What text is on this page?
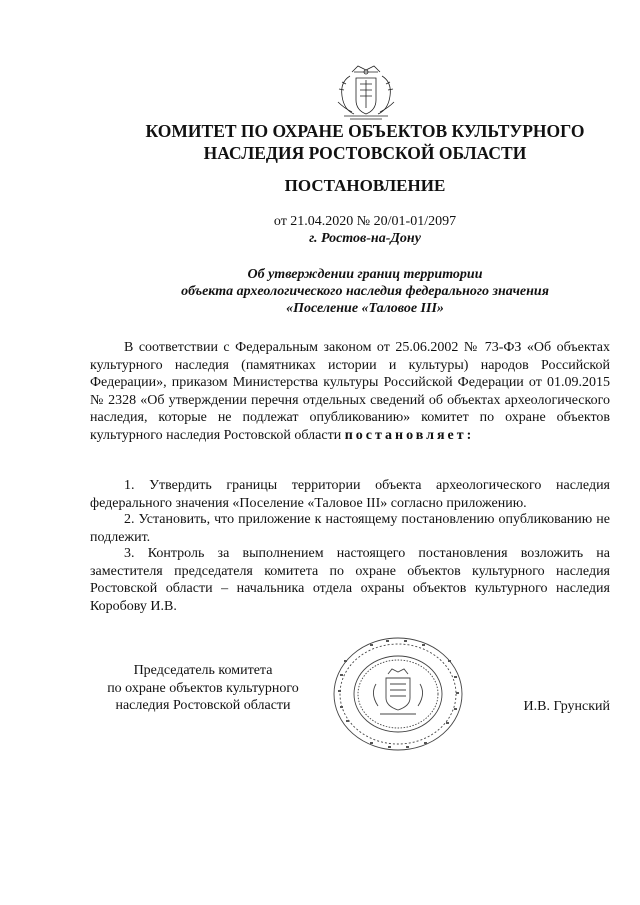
КОМИТЕТ ПО ОХРАНЕ ОБЪЕКТОВ КУЛЬТУРНОГО
НАСЛЕДИЯ РОСТОВСКОЙ ОБЛАСТИ
ПОСТАНОВЛЕНИЕ
от 21.04.2020 № 20/01-01/2097
г. Ростов-на-Дону
Об утверждении границ территории
объекта археологического наследия федерального значения
«Поселение «Таловое III»
В соответствии с Федеральным законом от 25.06.2002 № 73-ФЗ «Об объектах культурного наследия (памятниках истории и культуры) народов Российской Федерации», приказом Министерства культуры Российской Федерации от 01.09.2015 № 2328 «Об утверждении перечня отдельных сведений об объектах археологического наследия, которые не подлежат опубликованию» комитет по охране объектов культурного наследия Ростовской области постановляет:
1. Утвердить границы территории объекта археологического наследия федерального значения «Поселение «Таловое III» согласно приложению.
2. Установить, что приложение к настоящему постановлению опубликованию не подлежит.
3. Контроль за выполнением настоящего постановления возложить на заместителя председателя комитета по охране объектов культурного наследия Ростовской области – начальника отдела охраны объектов культурного наследия Коробову И.В.
Председатель комитета
по охране объектов культурного
наследия Ростовской области	И.В. Грунский
